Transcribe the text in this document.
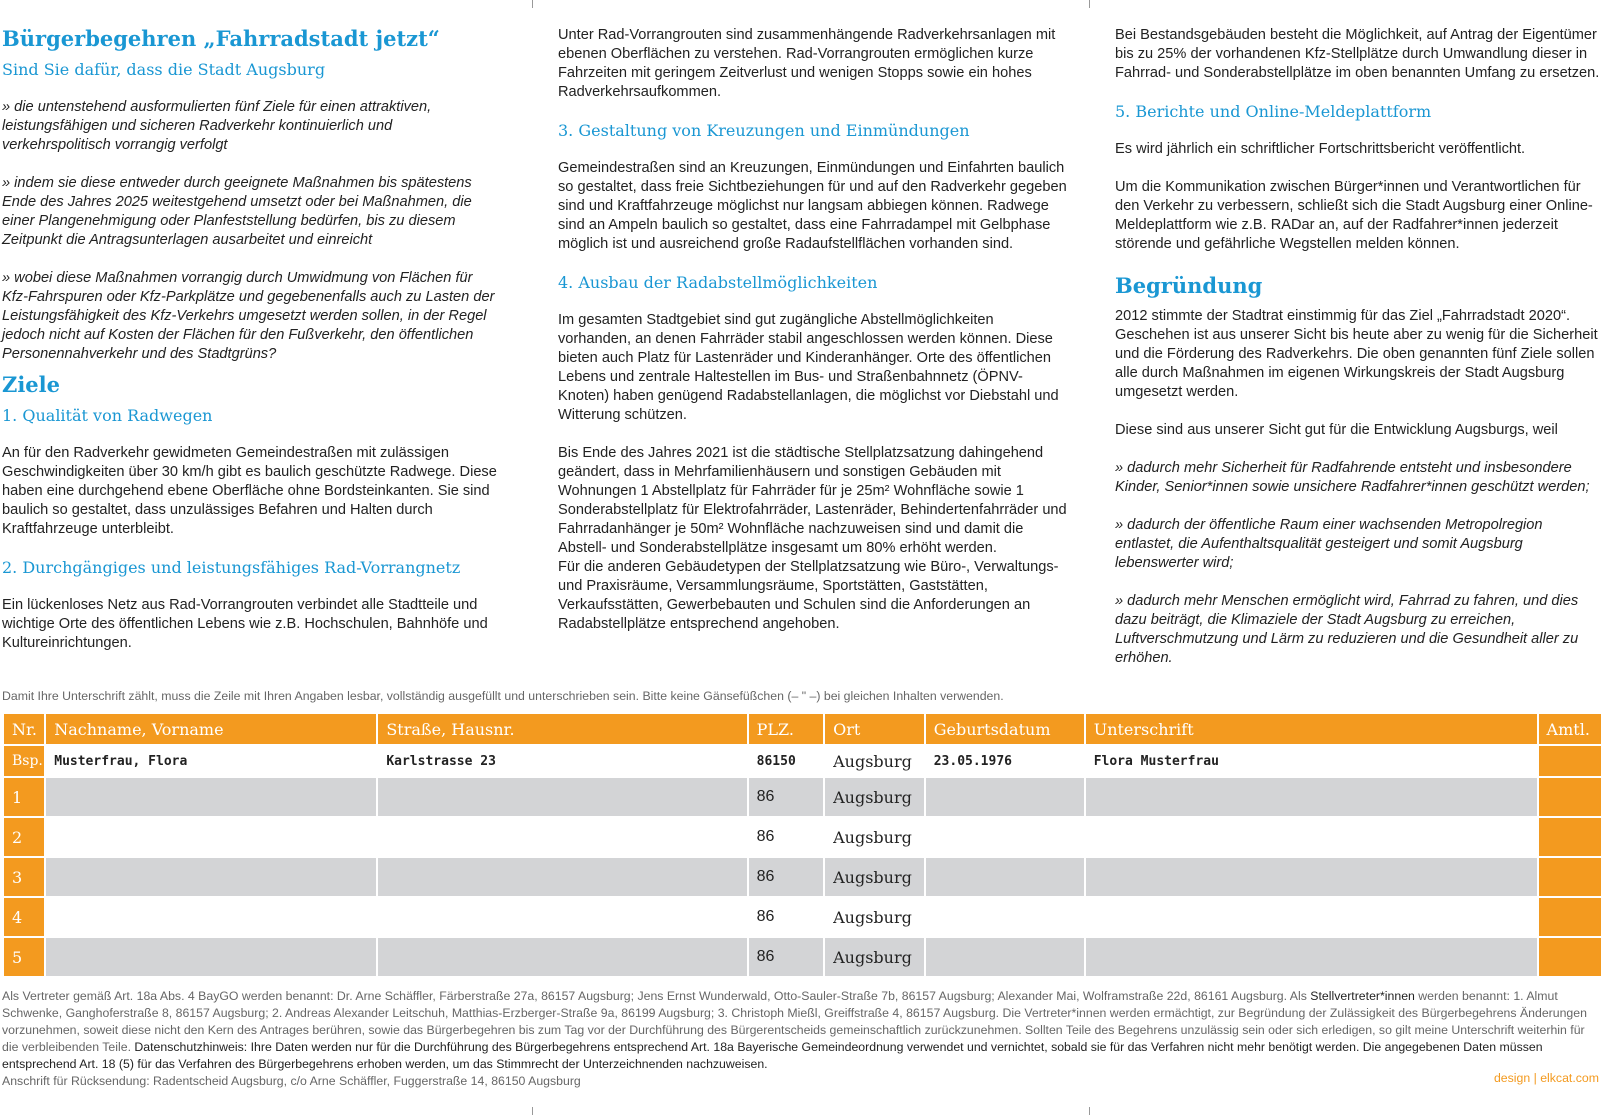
Bürgerbegehren „Fahrradstadt jetzt“
Sind Sie dafür, dass die Stadt Augsburg

» die untenstehend ausformulierten fünf Ziele für einen attraktiven, leistungsfähigen und sicheren Radverkehr kontinuierlich und verkehrspolitisch vorrangig verfolgt

» indem sie diese entweder durch geeignete Maßnahmen bis spätestens Ende des Jahres 2025 weitestgehend umsetzt oder bei Maßnahmen, die einer Plangenehmigung oder Planfeststellung bedürfen, bis zu diesem Zeitpunkt die Antragsunterlagen ausarbeitet und einreicht

» wobei diese Maßnahmen vorrangig durch Umwidmung von Flächen für Kfz-Fahrspuren oder Kfz-Parkplätze und gegebenenfalls auch zu Lasten der Leistungsfähigkeit des Kfz-Verkehrs umgesetzt werden sollen, in der Regel jedoch nicht auf Kosten der Flächen für den Fußverkehr, den öffentlichen Personennahverkehr und des Stadtgrüns?

Ziele
1. Qualität von Radwegen

An für den Radverkehr gewidmeten Gemeindestraßen mit zulässigen Geschwindigkeiten über 30 km/h gibt es baulich geschützte Radwege. Diese haben eine durchgehend ebene Oberfläche ohne Bordsteinkanten. Sie sind baulich so gestaltet, dass unzulässiges Befahren und Halten durch Kraftfahrzeuge unterbleibt.

2. Durchgängiges und leistungsfähiges Rad-Vorrangnetz

Ein lückenloses Netz aus Rad-Vorrangrouten verbindet alle Stadtteile und wichtige Orte des öffentlichen Lebens wie z.B. Hochschulen, Bahnhöfe und Kultureinrichtungen.

Unter Rad-Vorrangrouten sind zusammenhängende Radverkehrsanlagen mit ebenen Oberflächen zu verstehen. Rad-Vorrangrouten ermöglichen kurze Fahrzeiten mit geringem Zeitverlust und wenigen Stopps sowie ein hohes Radverkehrsaufkommen.

3. Gestaltung von Kreuzungen und Einmündungen

Gemeindestraßen sind an Kreuzungen, Einmündungen und Einfahrten baulich so gestaltet, dass freie Sichtbeziehungen für und auf den Radverkehr gegeben sind und Kraftfahrzeuge möglichst nur langsam abbiegen können. Radwege sind an Ampeln baulich so gestaltet, dass eine Fahrradampel mit Gelbphase möglich ist und ausreichend große Radaufstellflächen vorhanden sind.

4. Ausbau der Radabstellmöglichkeiten

Im gesamten Stadtgebiet sind gut zugängliche Abstellmöglichkeiten vorhanden, an denen Fahrräder stabil angeschlossen werden können. Diese bieten auch Platz für Lastenräder und Kinderanhänger. Orte des öffentlichen Lebens und zentrale Haltestellen im Bus- und Straßenbahnnetz (ÖPNV-Knoten) haben genügend Radabstellanlagen, die möglichst vor Diebstahl und Witterung schützen.

Bis Ende des Jahres 2021 ist die städtische Stellplatzsatzung dahingehend geändert, dass in Mehrfamilienhäusern und sonstigen Gebäuden mit Wohnungen 1 Abstellplatz für Fahrräder für je 25m² Wohnfläche sowie 1 Sonderabstellplatz für Elektrofahrräder, Lastenräder, Behindertenfahrräder und Fahrradanhänger je 50m² Wohnfläche nachzuweisen sind und damit die Abstell- und Sonderabstellplätze insgesamt um 80% erhöht werden.

Für die anderen Gebäudetypen der Stellplatzsatzung wie Büro-, Verwaltungs- und Praxisräume, Versammlungsräume, Sportstätten, Gaststätten, Verkaufsstätten, Gewerbebauten und Schulen sind die Anforderungen an Radabstellplätze entsprechend angehoben.

Bei Bestandsgebäuden besteht die Möglichkeit, auf Antrag der Eigentümer bis zu 25% der vorhandenen Kfz-Stellplätze durch Umwandlung dieser in Fahrrad- und Sonderabstellplätze im oben benannten Umfang zu ersetzen.

5. Berichte und Online-Meldeplattform

Es wird jährlich ein schriftlicher Fortschrittsbericht veröffentlicht.

Um die Kommunikation zwischen Bürger*innen und Verantwortlichen für den Verkehr zu verbessern, schließt sich die Stadt Augsburg einer Online-Meldeplattform wie z.B. RADar an, auf der Radfahrer*innen jederzeit störende und gefährliche Wegstellen melden können.

Begründung

2012 stimmte der Stadtrat einstimmig für das Ziel „Fahrradstadt 2020“. Geschehen ist aus unserer Sicht bis heute aber zu wenig für die Sicherheit und die Förderung des Radverkehrs. Die oben genannten fünf Ziele sollen alle durch Maßnahmen im eigenen Wirkungskreis der Stadt Augsburg umgesetzt werden.

Diese sind aus unserer Sicht gut für die Entwicklung Augsburgs, weil

» dadurch mehr Sicherheit für Radfahrende entsteht und insbesondere Kinder, Senior*innen sowie unsichere Radfahrer*innen geschützt werden;

» dadurch der öffentliche Raum einer wachsenden Metropolregion entlastet, die Aufenthaltsqualität gesteigert und somit Augsburg lebenswerter wird;

» dadurch mehr Menschen ermöglicht wird, Fahrrad zu fahren, und dies dazu beiträgt, die Klimaziele der Stadt Augsburg zu erreichen, Luftverschmutzung und Lärm zu reduzieren und die Gesundheit aller zu erhöhen.

Damit Ihre Unterschrift zählt, muss die Zeile mit Ihren Angaben lesbar, vollständig ausgefüllt und unterschrieben sein. Bitte keine Gänsefüßchen (– " –) bei gleichen Inhalten verwenden.
Nr.	Nachname, Vorname	Straße, Hausnr.	PLZ.	Ort	Geburtsdatum	Unterschrift	Amtl.
Bsp.	Musterfrau, Flora	Karlstrasse 23	86150	Augsburg	23.05.1976	Flora Musterfrau	
1			86	Augsburg			
2			86	Augsburg			
3			86	Augsburg			
4			86	Augsburg			
5			86	Augsburg			
Als Vertreter gemäß Art. 18a Abs. 4 BayGO werden benannt: Dr. Arne Schäffler, Färberstraße 27a, 86157 Augsburg; Jens Ernst Wunderwald, Otto-Sauler-Straße 7b, 86157 Augsburg; Alexander Mai, Wolframstraße 22d, 86161 Augsburg. Als Stellvertreter*innen werden benannt: 1. Almut Schwenke, Ganghoferstraße 8, 86157 Augsburg; 2. Andreas Alexander Leitschuh, Matthias-Erzberger-Straße 9a, 86199 Augsburg; 3. Christoph Mießl, Greiffstraße 4, 86157 Augsburg. Die Vertreter*innen werden ermächtigt, zur Begründung der Zulässigkeit des Bürgerbegehrens Änderungen vorzunehmen, soweit diese nicht den Kern des Antrages berühren, sowie das Bürgerbegehren bis zum Tag vor der Durchführung des Bürgerentscheids gemeinschaftlich zurückzunehmen. Sollten Teile des Begehrens unzulässig sein oder sich erledigen, so gilt meine Unterschrift weiterhin für die verbleibenden Teile. Datenschutzhinweis: Ihre Daten werden nur für die Durchführung des Bürgerbegehrens entsprechend Art. 18a Bayerische Gemeindeordnung verwendet und vernichtet, sobald sie für das Verfahren nicht mehr benötigt werden. Die angegebenen Daten müssen entsprechend Art. 18 (5) für das Verfahren des Bürgerbegehrens erhoben werden, um das Stimmrecht der Unterzeichnenden nachzuweisen.
Anschrift für Rücksendung: Radentscheid Augsburg, c/o Arne Schäffler, Fuggerstraße 14, 86150 Augsburg	design | elkcat.com
